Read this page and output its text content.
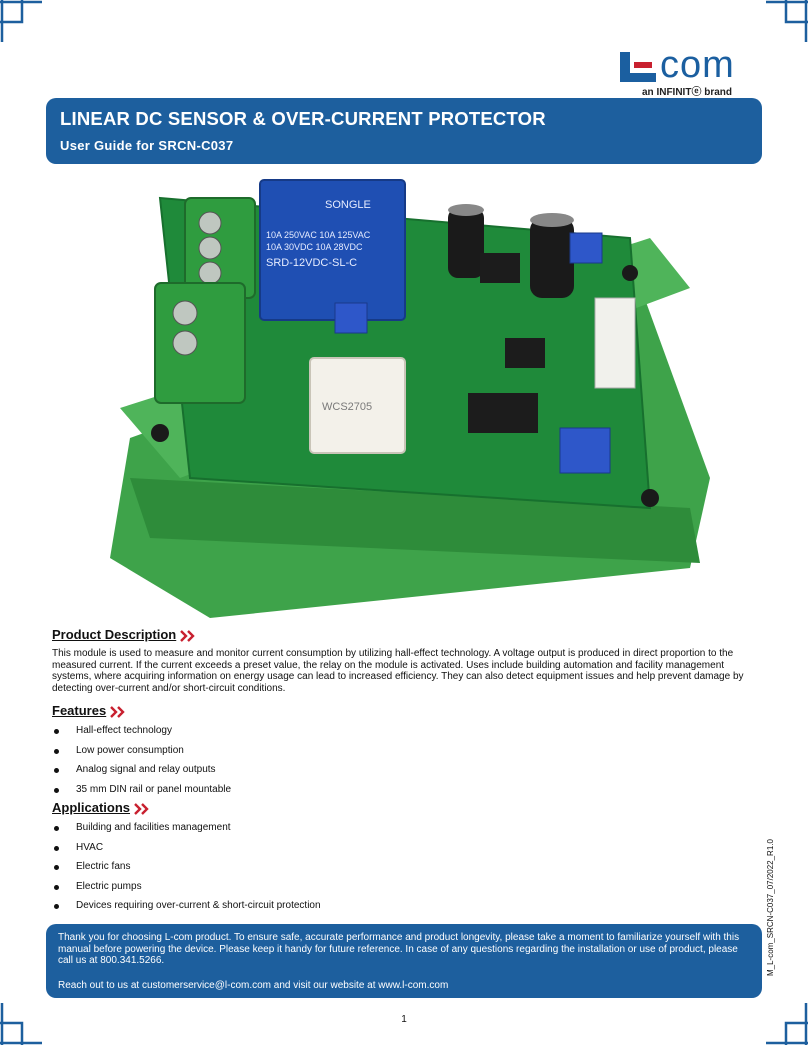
com
an INFINITⓔ brand
LINEAR DC SENSOR & OVER-CURRENT PROTECTOR
User Guide for SRCN-C037
SONGLE
10A 250VAC 10A 125VAC
10A 30VDC 10A 28VDC
SRD-12VDC-SL-C
WCS2705
Product Description
This module is used to measure and monitor current consumption by utilizing hall-effect technology. A voltage output is produced in direct proportion to the measured current. If the current exceeds a preset value, the relay on the module is activated. Uses include building automation and facility management systems, where acquiring information on energy usage can lead to increased efficiency. They can also detect equipment issues and help prevent damage by detecting over-current and/or short-circuit conditions.
Features
Hall-effect technology
Low power consumption
Analog signal and relay outputs
35 mm DIN rail or panel mountable
Applications
Building and facilities management
HVAC
Electric fans
Electric pumps
Devices requiring over-current & short-circuit protection	M_L-com_SRCN-C037_07/2022_R1.0
Thank you for choosing L-com product. To ensure safe, accurate performance and product longevity, please take a moment to familiarize yourself with this manual before powering the device. Please keep it handy for future reference. In case of any questions regarding the installation or use of product, please call us at 800.341.5266.
Reach out to us at customerservice@l-com.com and visit our website at www.l-com.com
1
